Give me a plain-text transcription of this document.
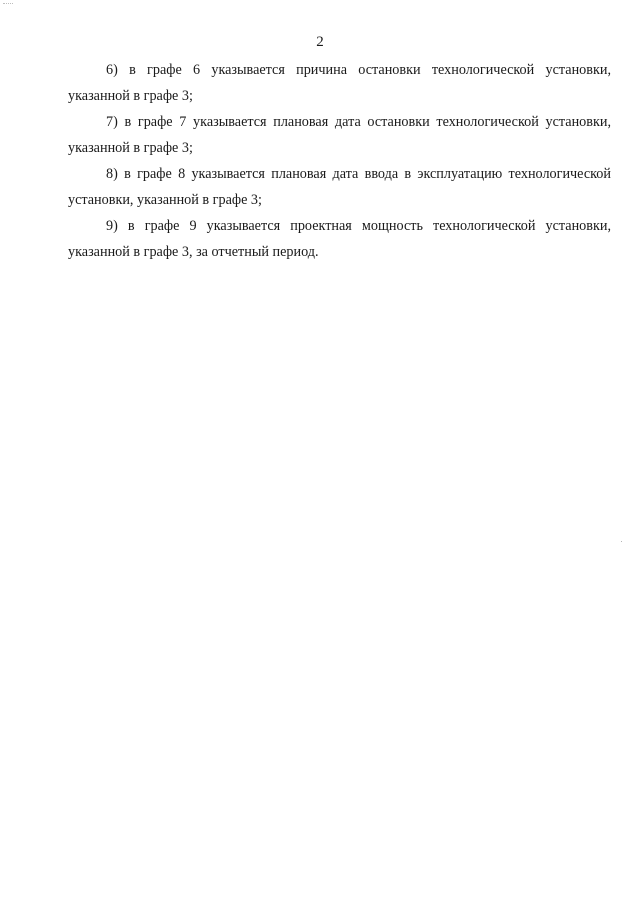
2

6) в графе 6 указывается причина остановки технологической установки, указанной в графе 3;

7) в графе 7 указывается плановая дата остановки технологической установки, указанной в графе 3;

8) в графе 8 указывается плановая дата ввода в эксплуатацию технологической установки, указанной в графе 3;

9) в графе 9 указывается проектная мощность технологической установки, указанной в графе 3, за отчетный период.
